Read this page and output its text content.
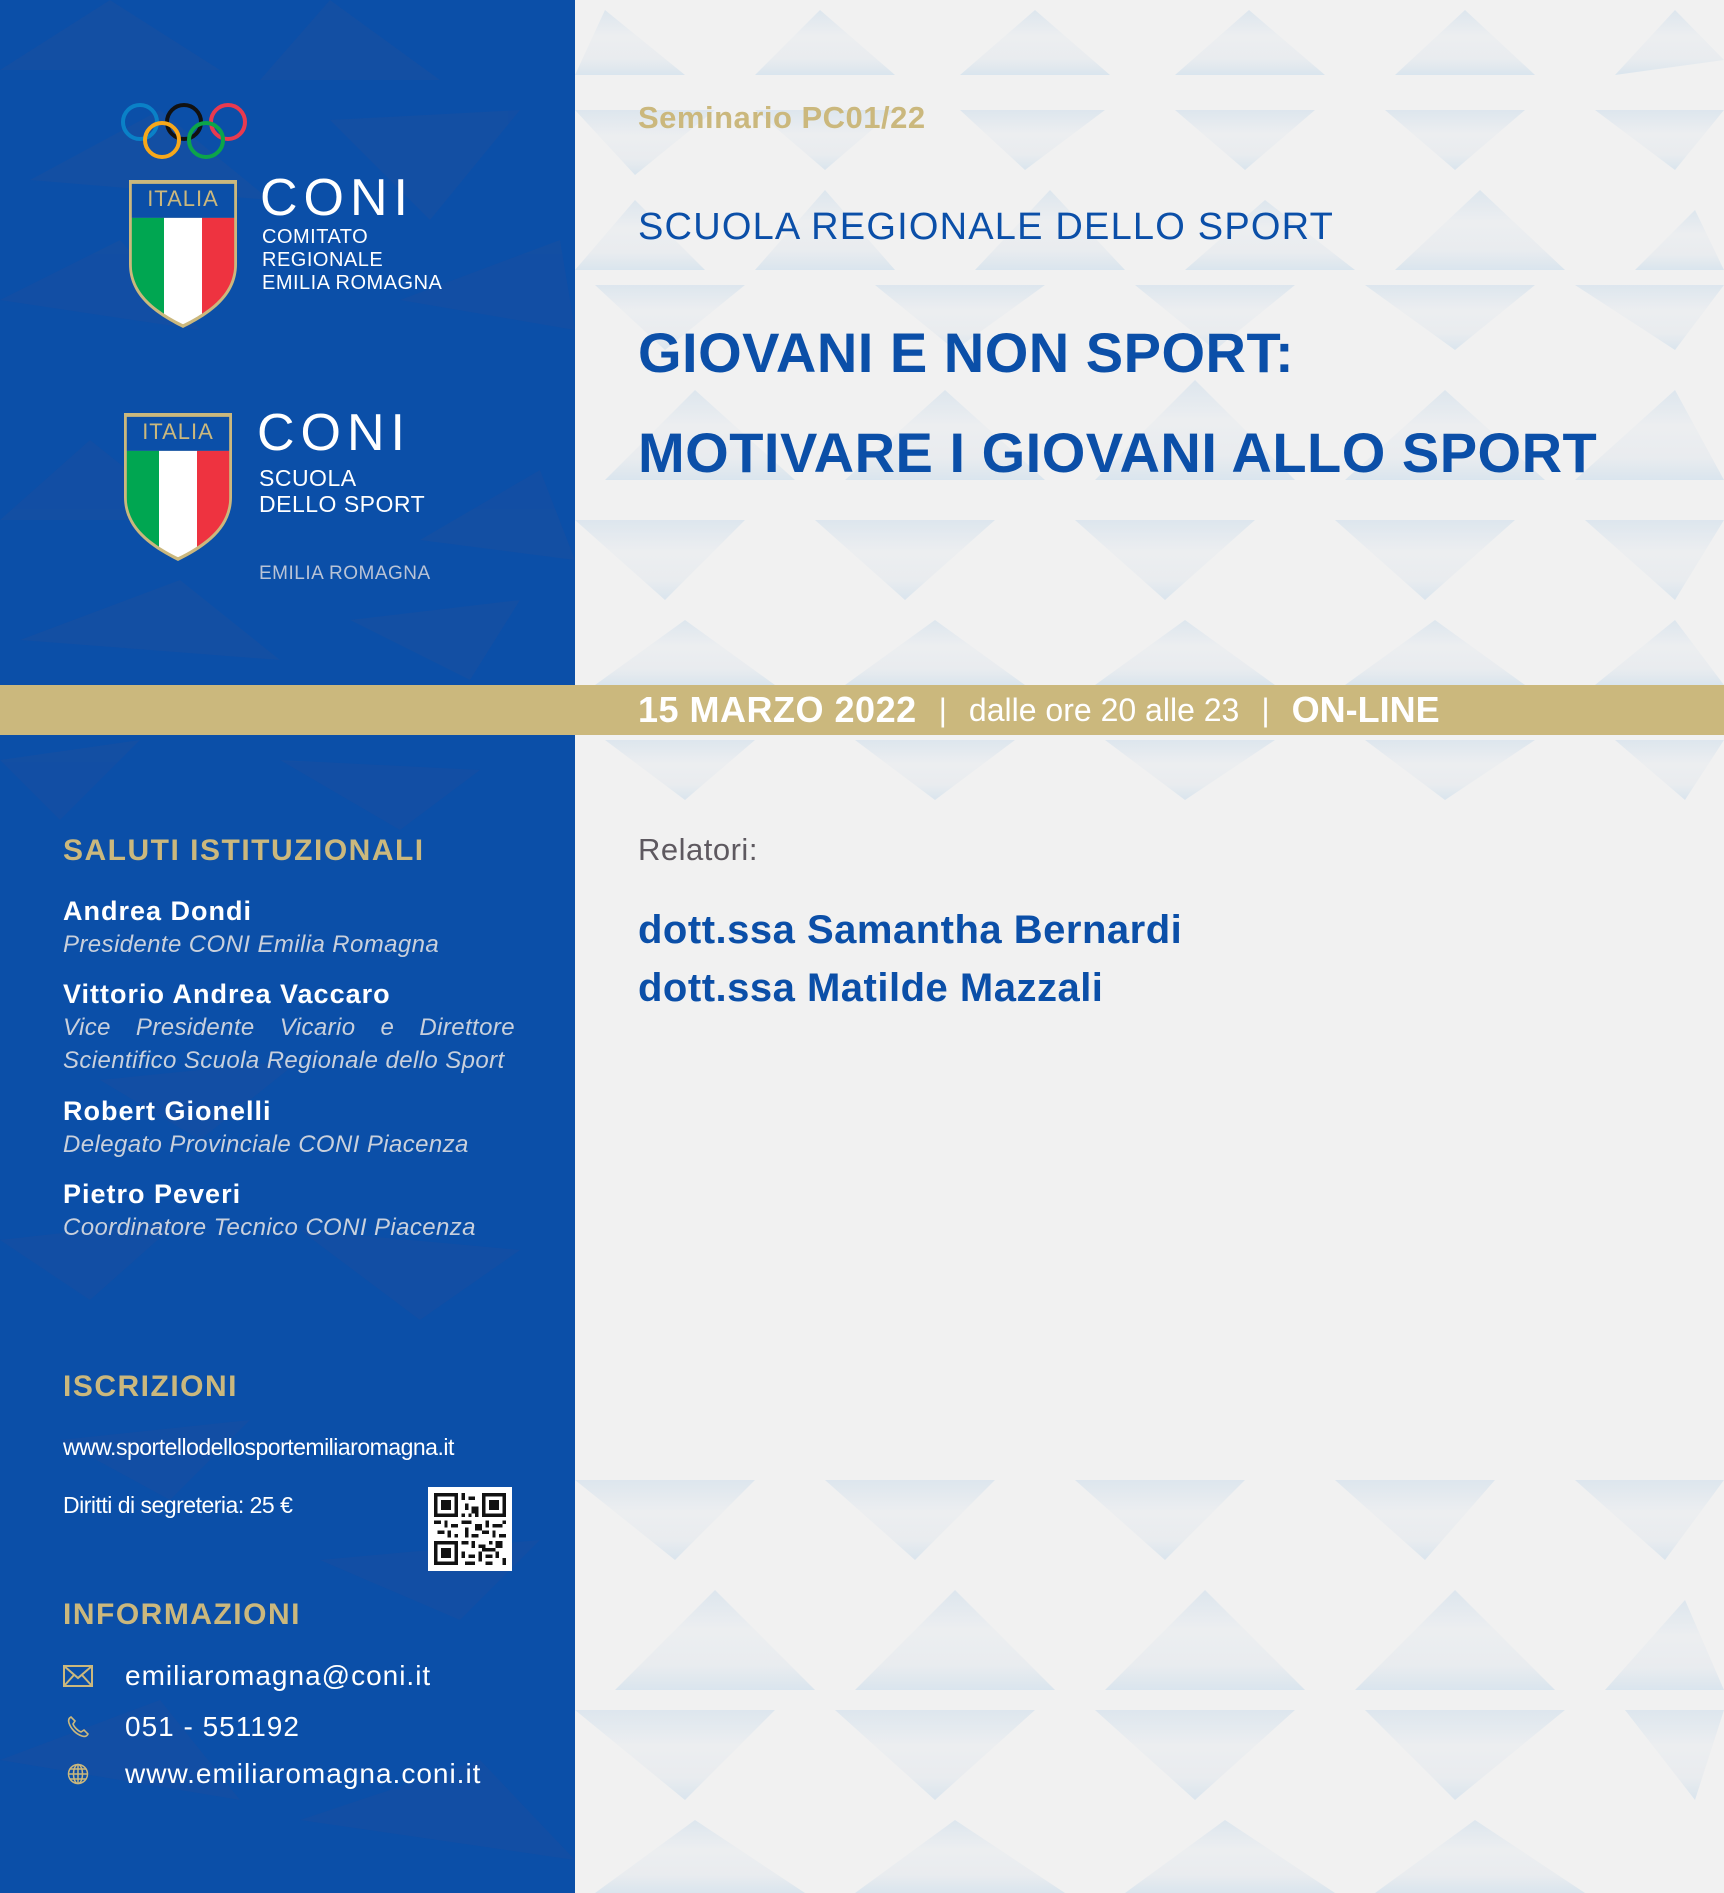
ITALIA CONI
COMITATO
REGIONALE
EMILIA ROMAGNA
ITALIA CONI
SCUOLA
DELLO SPORT
EMILIA ROMAGNA
Seminario PC01/22
SCUOLA REGIONALE DELLO SPORT
GIOVANI E NON SPORT:
MOTIVARE I GIOVANI ALLO SPORT
15 MARZO 2022 | dalle ore 20 alle 23 | ON-LINE
Relatori:
dott.ssa Samantha Bernardi
dott.ssa Matilde Mazzali
SALUTI ISTITUZIONALI
Andrea Dondi
Presidente CONI Emilia Romagna
Vittorio Andrea Vaccaro
Vice Presidente Vicario e Direttore Scientifico Scuola Regionale dello Sport
Robert Gionelli
Delegato Provinciale CONI Piacenza
Pietro Peveri
Coordinatore Tecnico CONI Piacenza
ISCRIZIONI
www.sportellodellosportemiliaromagna.it
Diritti di segreteria: 25 €
INFORMAZIONI
emiliaromagna@coni.it
051 - 551192
www.emiliaromagna.coni.it
